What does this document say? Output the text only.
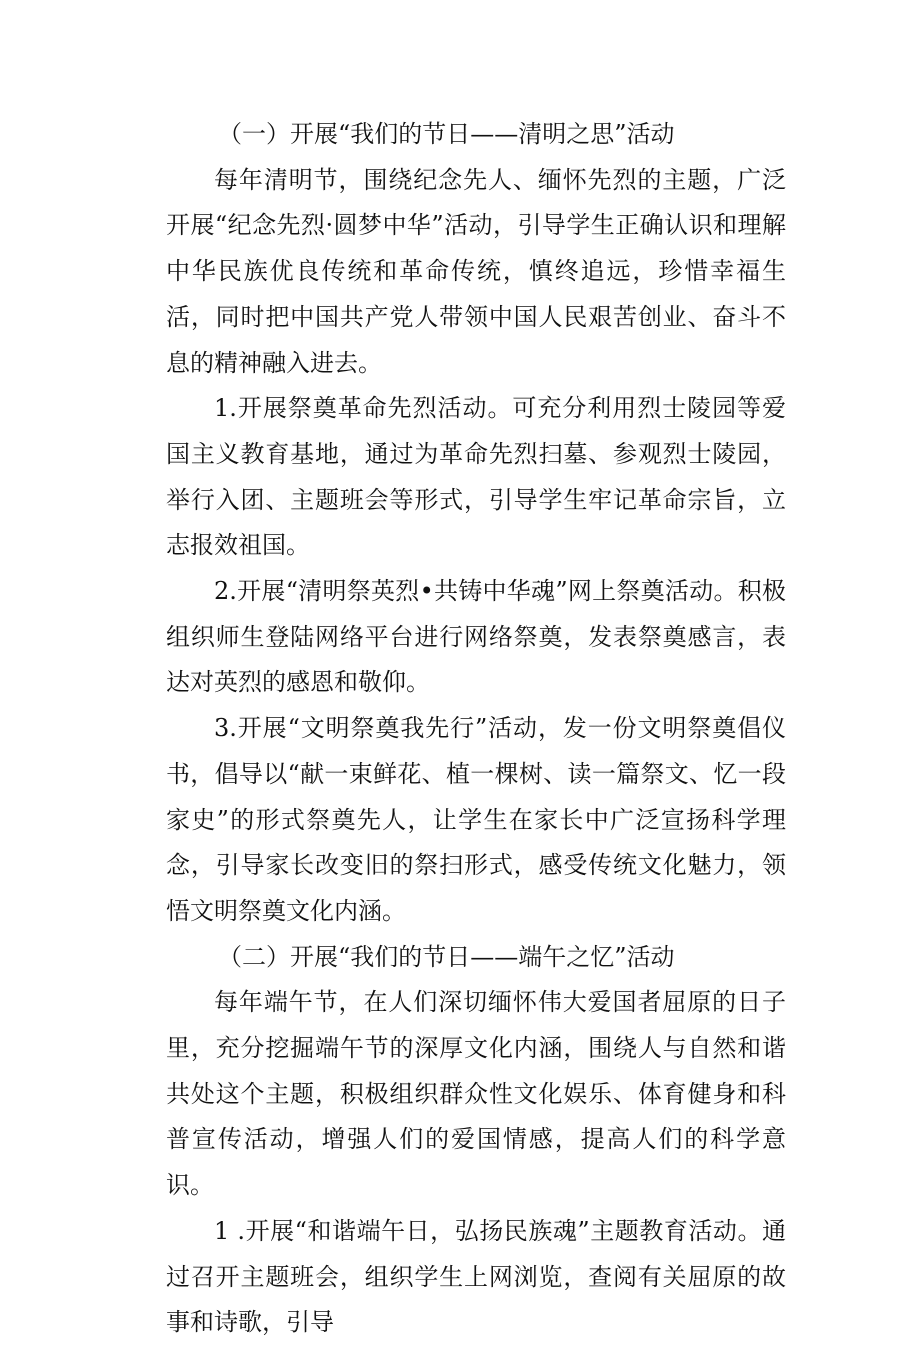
（一）开展“我们的节日——清明之思”活动

每年清明节，围绕纪念先人、缅怀先烈的主题，广泛开展“纪念先烈·圆梦中华”活动，引导学生正确认识和理解中华民族优良传统和革命传统，慎终追远，珍惜幸福生活，同时把中国共产党人带领中国人民艰苦创业、奋斗不息的精神融入进去。

1.开展祭奠革命先烈活动。可充分利用烈士陵园等爱国主义教育基地，通过为革命先烈扫墓、参观烈士陵园，举行入团、主题班会等形式，引导学生牢记革命宗旨，立志报效祖国。

2.开展“清明祭英烈•共铸中华魂”网上祭奠活动。积极组织师生登陆网络平台进行网络祭奠，发表祭奠感言，表达对英烈的感恩和敬仰。

3.开展“文明祭奠我先行”活动，发一份文明祭奠倡仪书，倡导以“献一束鲜花、植一棵树、读一篇祭文、忆一段家史”的形式祭奠先人，让学生在家长中广泛宣扬科学理念，引导家长改变旧的祭扫形式，感受传统文化魅力，领悟文明祭奠文化内涵。

（二）开展“我们的节日——端午之忆”活动

每年端午节，在人们深切缅怀伟大爱国者屈原的日子里，充分挖掘端午节的深厚文化内涵，围绕人与自然和谐共处这个主题，积极组织群众性文化娱乐、体育健身和科普宣传活动，增强人们的爱国情感，提高人们的科学意识。

1 .开展“和谐端午日，弘扬民族魂”主题教育活动。通过召开主题班会，组织学生上网浏览，查阅有关屈原的故事和诗歌，引导
